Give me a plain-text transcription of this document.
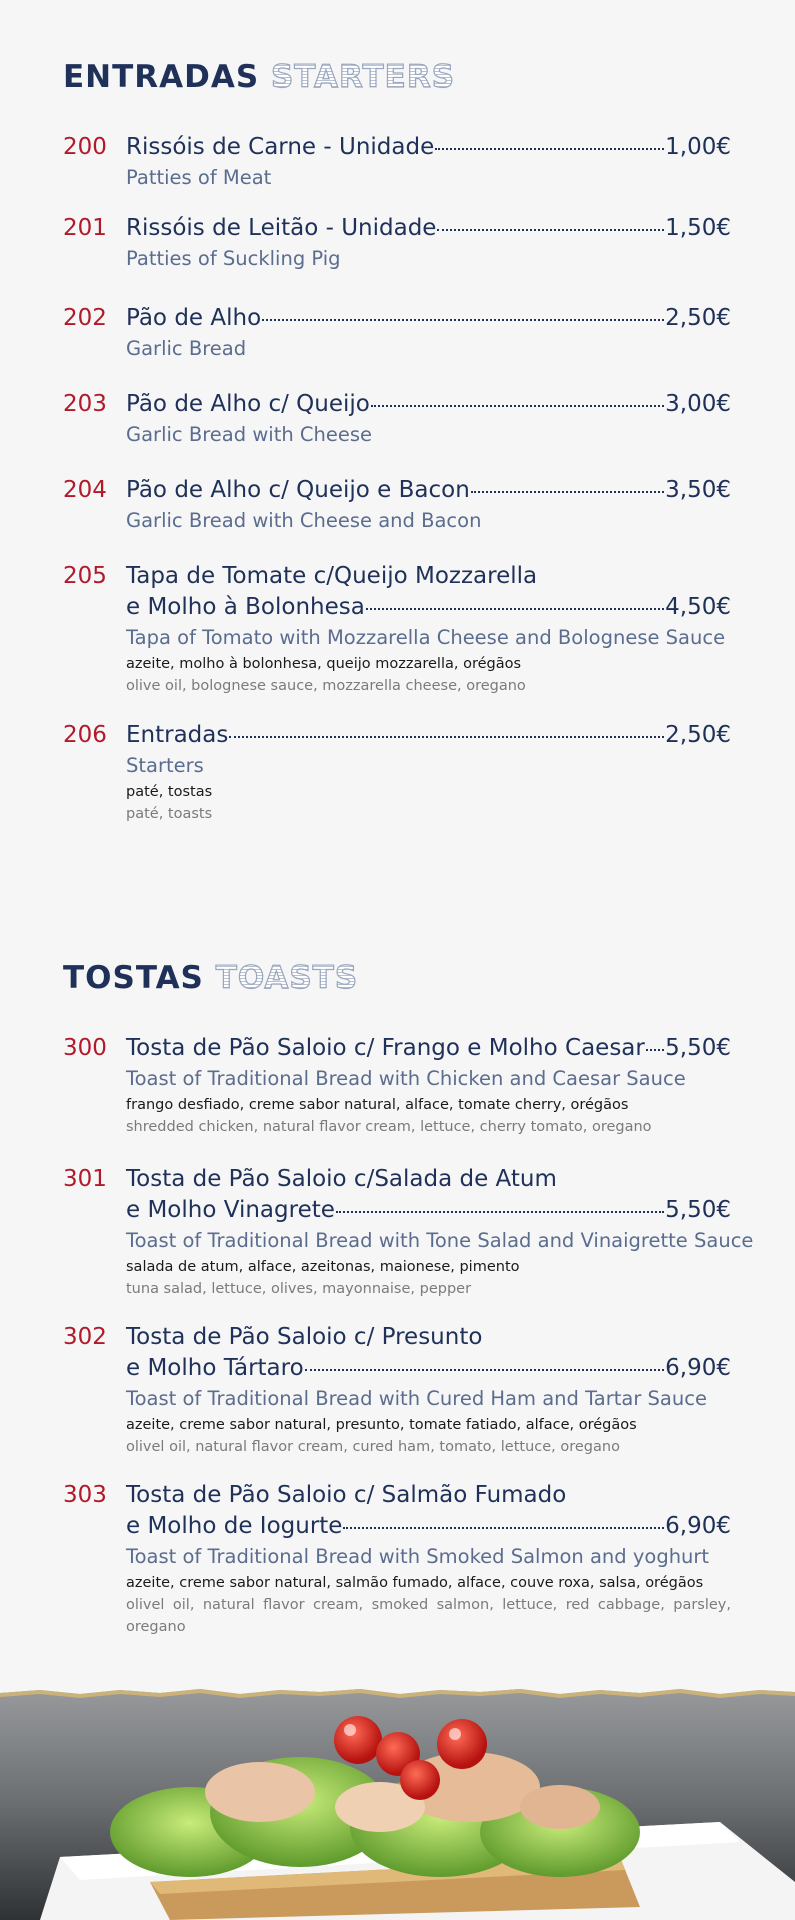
ENTRADAS STARTERS
200 Rissóis de Carne - Unidade	1,00€
Patties of Meat
201 Rissóis de Leitão - Unidade	1,50€
Patties of Suckling Pig
202 Pão de Alho	2,50€
Garlic Bread
203 Pão de Alho c/ Queijo	3,00€
Garlic Bread with Cheese
204 Pão de Alho c/ Queijo e Bacon	3,50€
Garlic Bread with Cheese and Bacon
205 Tapa de Tomate c/Queijo Mozzarella
e Molho à Bolonhesa	4,50€
Tapa of Tomato with Mozzarella Cheese and Bolognese Sauce
azeite, molho à bolonhesa, queijo mozzarella, orégãos
olive oil, bolognese sauce, mozzarella cheese, oregano
206 Entradas	2,50€
Starters
paté, tostas
paté, toasts
TOSTAS TOASTS
300 Tosta de Pão Saloio c/ Frango e Molho Caesar 5,50€
Toast of Traditional Bread with Chicken and Caesar Sauce
frango desfiado, creme sabor natural, alface, tomate cherry, orégãos
shredded chicken, natural flavor cream, lettuce, cherry tomato, oregano
301 Tosta de Pão Saloio c/Salada de Atum
e Molho Vinagrete	5,50€
Toast of Traditional Bread with Tone Salad and Vinaigrette Sauce
salada de atum, alface, azeitonas, maionese, pimento
tuna salad, lettuce, olives, mayonnaise, pepper
302 Tosta de Pão Saloio c/ Presunto
e Molho Tártaro	6,90€
Toast of Traditional Bread with Cured Ham and Tartar Sauce
azeite, creme sabor natural, presunto, tomate fatiado, alface, orégãos
olivel oil, natural flavor cream, cured ham, tomato, lettuce, oregano
303 Tosta de Pão Saloio c/ Salmão Fumado
e Molho de Iogurte	6,90€
Toast of Traditional Bread with Smoked Salmon and yoghurt
azeite, creme sabor natural, salmão fumado, alface, couve roxa, salsa, orégãos
olivel oil, natural flavor cream, smoked salmon, lettuce, red cabbage, parsley, oregano
